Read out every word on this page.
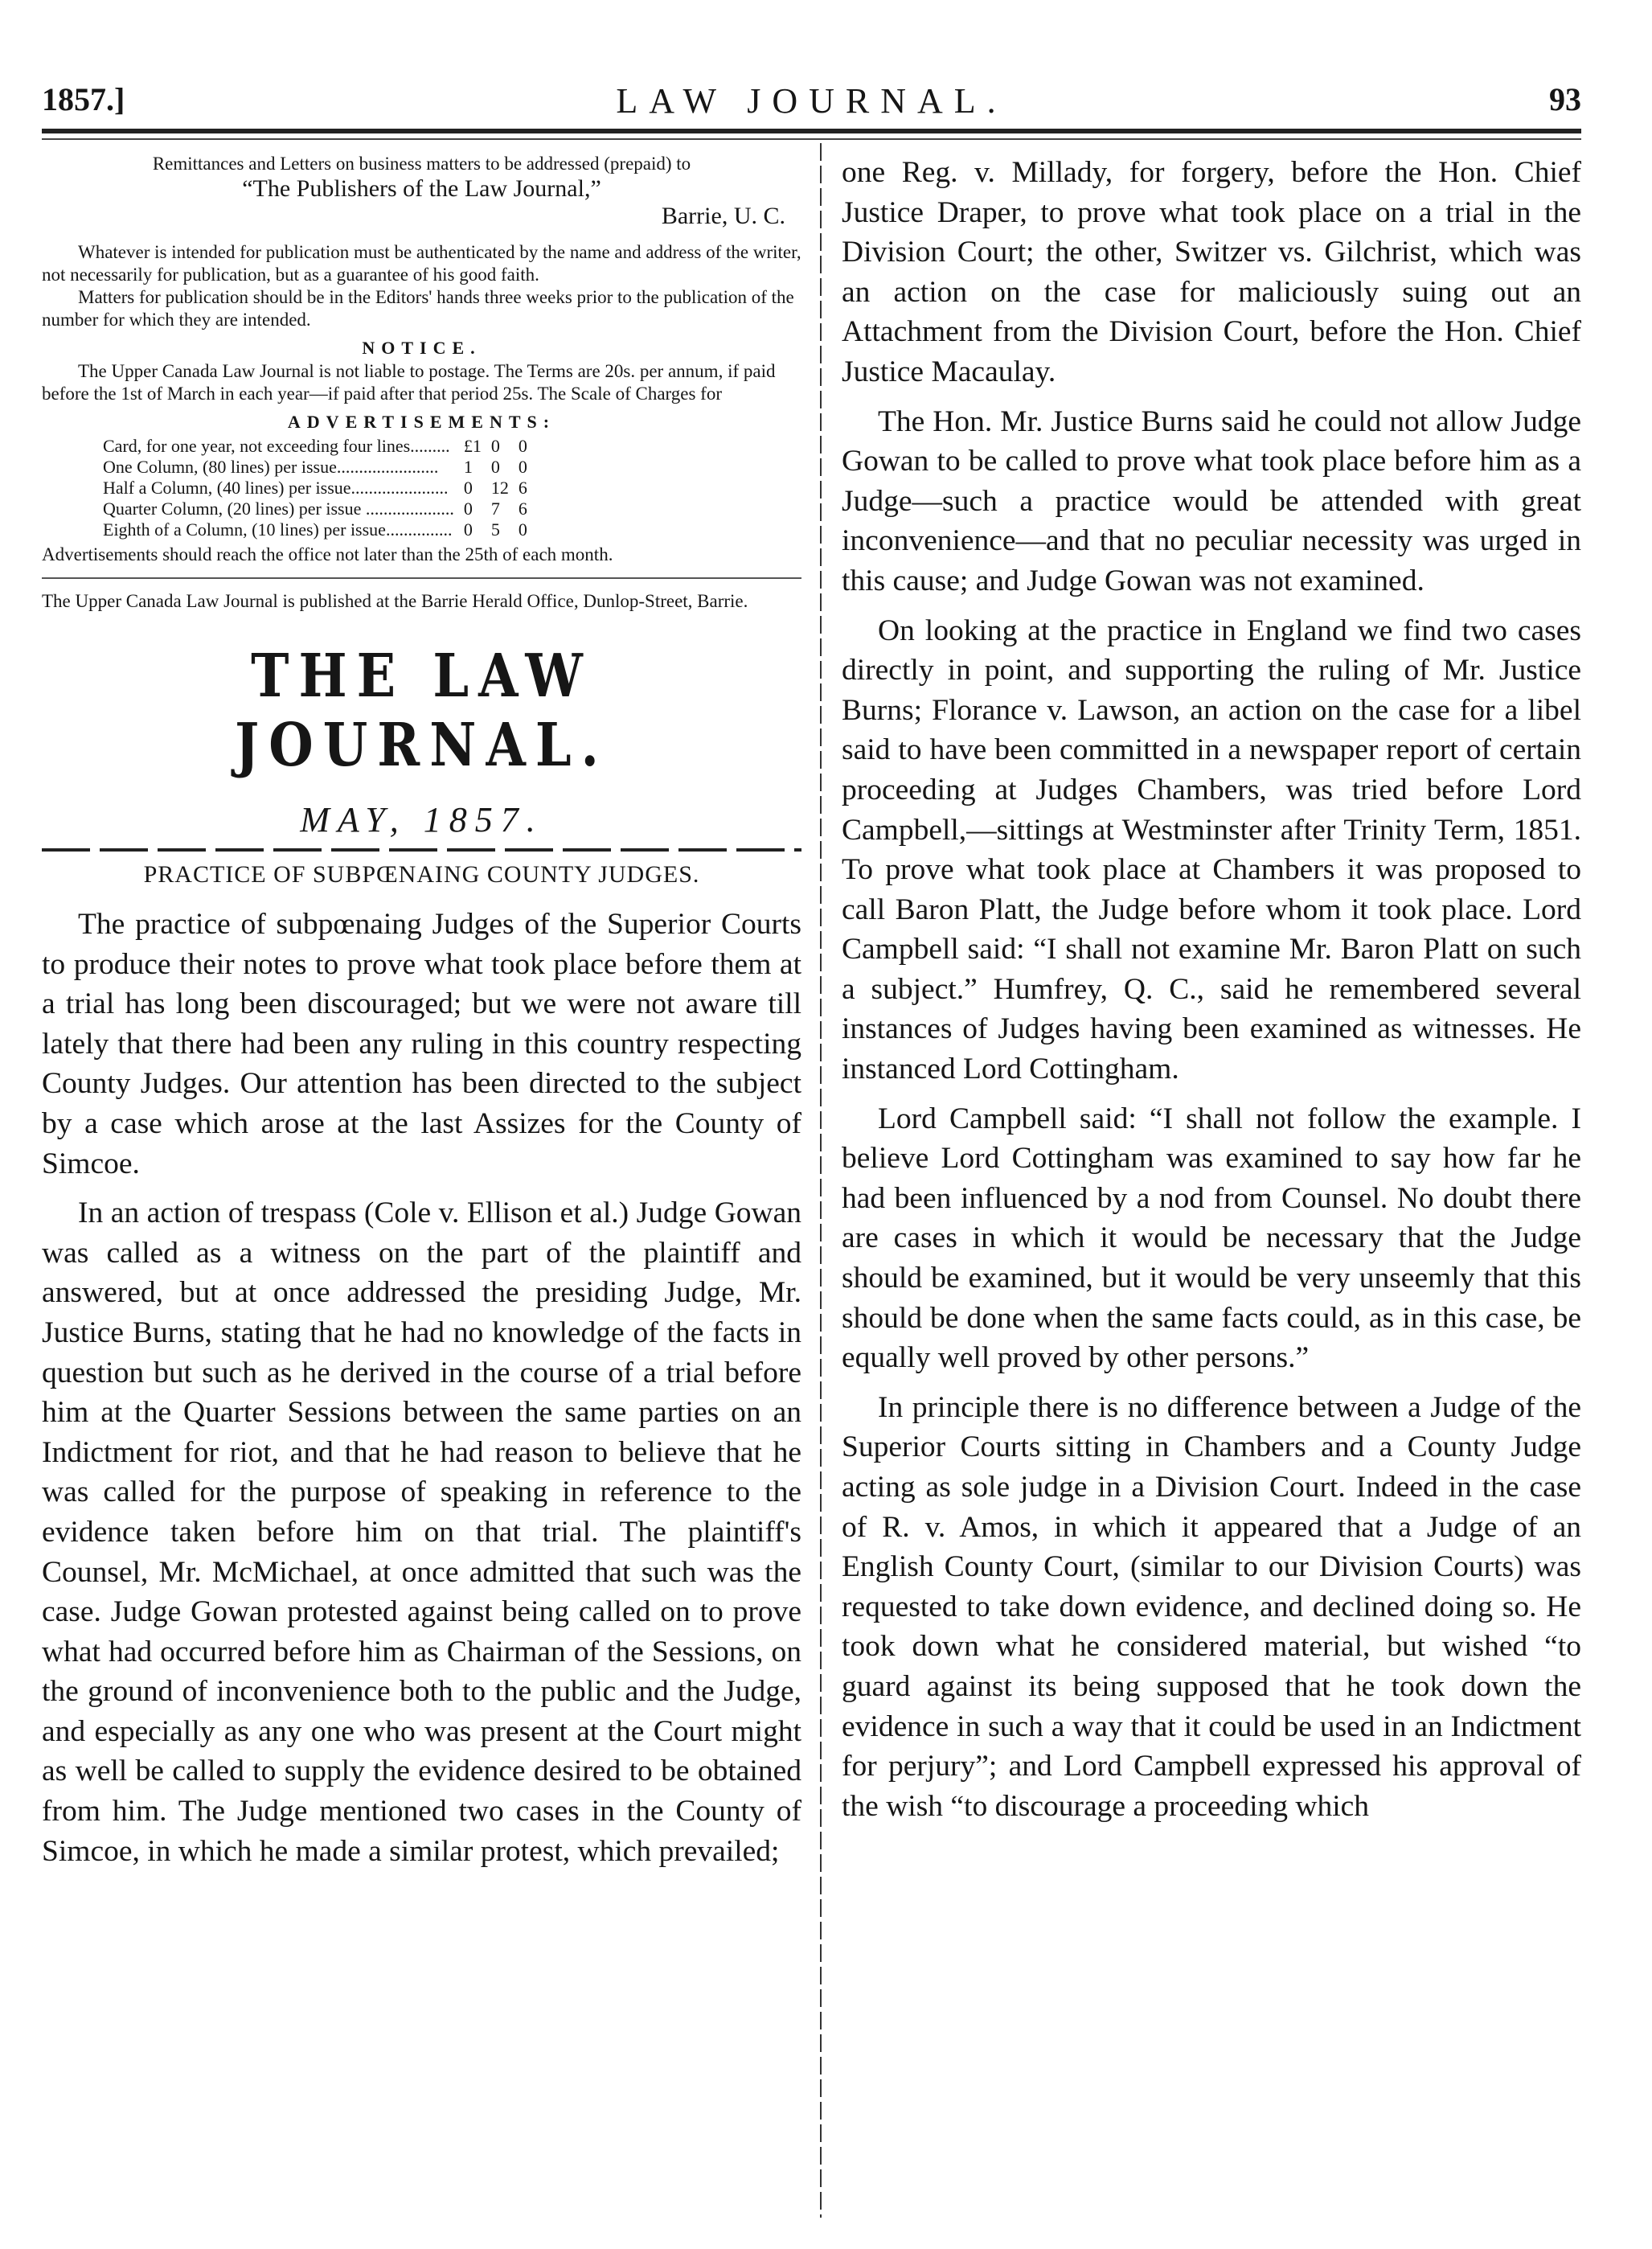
LAW JOURNAL.
1857.]	93

Remittances and Letters on business matters to be addressed (prepaid) to

“The Publishers of the Law Journal,”

Barrie, U. C.

Whatever is intended for publication must be authenticated by the name and address of the writer, not necessarily for publication, but as a guarantee of his good faith.

Matters for publication should be in the Editors' hands three weeks prior to the publication of the number for which they are intended.

NOTICE.

The Upper Canada Law Journal is not liable to postage. The Terms are 20s. per annum, if paid before the 1st of March in each year—if paid after that period 25s. The Scale of Charges for

ADVERTISEMENTS:

Card, for one year, not exceeding four lines.........	£1	0	0
One Column, (80 lines) per issue.......................	1	0	0
Half a Column, (40 lines) per issue......................	0	12	6
Quarter Column, (20 lines) per issue ....................	0	7	6
Eighth of a Column, (10 lines) per issue...............	0	5	0

Advertisements should reach the office not later than the 25th of each month.

The Upper Canada Law Journal is published at the Barrie Herald Office, Dunlop-Street, Barrie.

THE LAW JOURNAL.
MAY, 1857.
PRACTICE OF SUBPŒNAING COUNTY JUDGES.

The practice of subpœnaing Judges of the Superior Courts to produce their notes to prove what took place before them at a trial has long been discouraged; but we were not aware till lately that there had been any ruling in this country respecting County Judges. Our attention has been directed to the subject by a case which arose at the last Assizes for the County of Simcoe.

In an action of trespass (Cole v. Ellison et al.) Judge Gowan was called as a witness on the part of the plaintiff and answered, but at once addressed the presiding Judge, Mr. Justice Burns, stating that he had no knowledge of the facts in question but such as he derived in the course of a trial before him at the Quarter Sessions between the same parties on an Indictment for riot, and that he had reason to believe that he was called for the purpose of speaking in reference to the evidence taken before him on that trial. The plaintiff's Counsel, Mr. McMichael, at once admitted that such was the case. Judge Gowan protested against being called on to prove what had occurred before him as Chairman of the Sessions, on the ground of inconvenience both to the public and the Judge, and especially as any one who was present at the Court might as well be called to supply the evidence desired to be obtained from him. The Judge mentioned two cases in the County of Simcoe, in which he made a similar protest, which prevailed;

one Reg. v. Millady, for forgery, before the Hon. Chief Justice Draper, to prove what took place on a trial in the Division Court; the other, Switzer vs. Gilchrist, which was an action on the case for maliciously suing out an Attachment from the Division Court, before the Hon. Chief Justice Macaulay.

The Hon. Mr. Justice Burns said he could not allow Judge Gowan to be called to prove what took place before him as a Judge—such a practice would be attended with great inconvenience—and that no peculiar necessity was urged in this cause; and Judge Gowan was not examined.

On looking at the practice in England we find two cases directly in point, and supporting the ruling of Mr. Justice Burns; Florance v. Lawson, an action on the case for a libel said to have been committed in a newspaper report of certain proceeding at Judges Chambers, was tried before Lord Campbell,—sittings at Westminster after Trinity Term, 1851. To prove what took place at Chambers it was proposed to call Baron Platt, the Judge before whom it took place. Lord Campbell said: “I shall not examine Mr. Baron Platt on such a subject.” Humfrey, Q. C., said he remembered several instances of Judges having been examined as witnesses. He instanced Lord Cottingham.

Lord Campbell said: “I shall not follow the example. I believe Lord Cottingham was examined to say how far he had been influenced by a nod from Counsel. No doubt there are cases in which it would be necessary that the Judge should be examined, but it would be very unseemly that this should be done when the same facts could, as in this case, be equally well proved by other persons.”

In principle there is no difference between a Judge of the Superior Courts sitting in Chambers and a County Judge acting as sole judge in a Division Court. Indeed in the case of R. v. Amos, in which it appeared that a Judge of an English County Court, (similar to our Division Courts) was requested to take down evidence, and declined doing so. He took down what he considered material, but wished “to guard against its being supposed that he took down the evidence in such a way that it could be used in an Indictment for perjury”; and Lord Campbell expressed his approval of the wish “to discourage a proceeding which
